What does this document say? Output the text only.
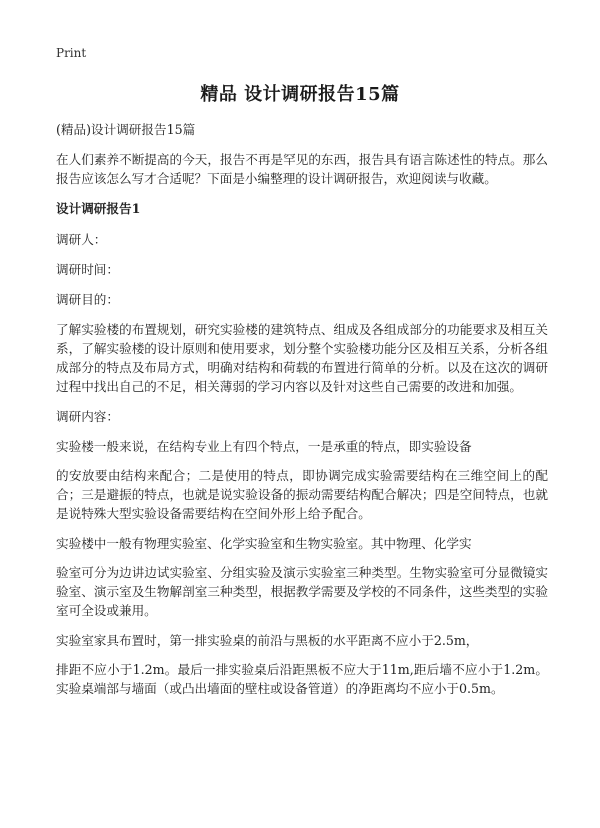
Print
精品 设计调研报告15篇

(精品)设计调研报告15篇

在人们素养不断提高的今天，报告不再是罕见的东西，报告具有语言陈述性的特点。那么报告应该怎么写才合适呢？下面是小编整理的设计调研报告，欢迎阅读与收藏。

设计调研报告1

调研人：

调研时间：

调研目的：

了解实验楼的布置规划，研究实验楼的建筑特点、组成及各组成部分的功能要求及相互关系，了解实验楼的设计原则和使用要求，划分整个实验楼功能分区及相互关系，分析各组成部分的特点及布局方式，明确对结构和荷载的布置进行简单的分析。以及在这次的调研过程中找出自己的不足，相关薄弱的学习内容以及针对这些自己需要的改进和加强。

调研内容：

实验楼一般来说，在结构专业上有四个特点，一是承重的特点，即实验设备

的安放要由结构来配合；二是使用的特点，即协调完成实验需要结构在三维空间上的配合；三是避振的特点，也就是说实验设备的振动需要结构配合解决；四是空间特点，也就是说特殊大型实验设备需要结构在空间外形上给予配合。

实验楼中一般有物理实验室、化学实验室和生物实验室。其中物理、化学实

验室可分为边讲边试实验室、分组实验及演示实验室三种类型。生物实验室可分显微镜实验室、演示室及生物解剖室三种类型，根据教学需要及学校的不同条件，这些类型的实验室可全设或兼用。

实验室家具布置时，第一排实验桌的前沿与黑板的水平距离不应小于2.5m，

排距不应小于1.2m。最后一排实验桌后沿距黑板不应大于11m,距后墙不应小于1.2m。实验桌端部与墙面（或凸出墙面的壁柱或设备管道）的净距离均不应小于0.5m。
